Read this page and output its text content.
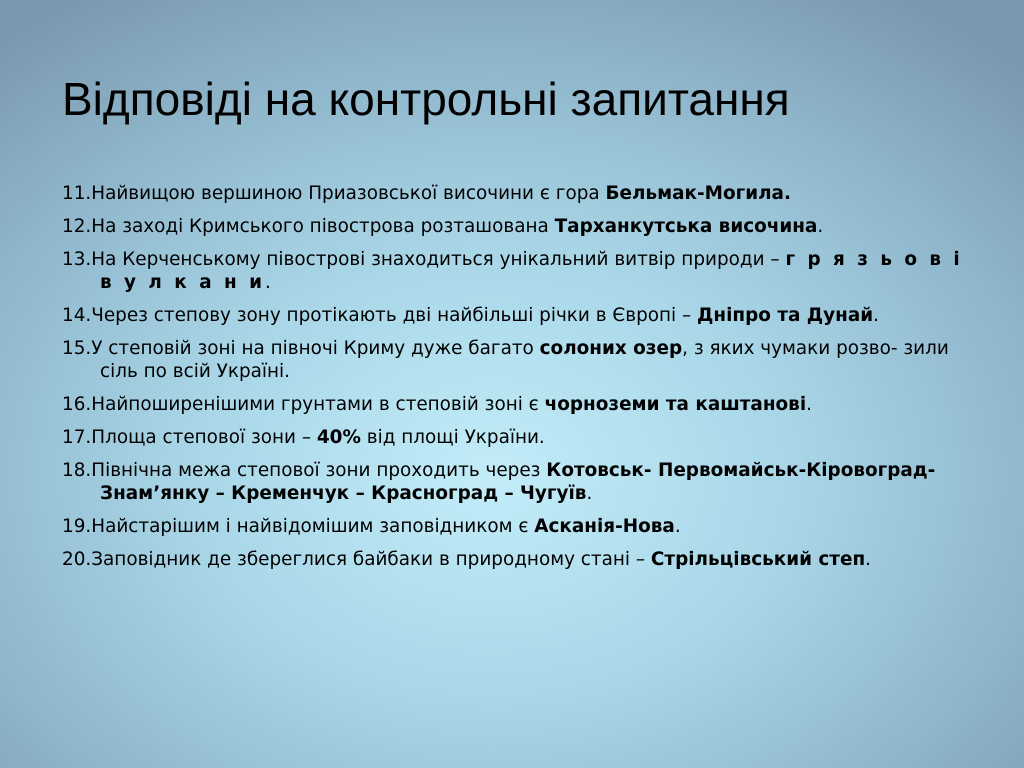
Відповіді на контрольні запитання
11.Найвищою вершиною Приазовської височини є гора Бельмак-Могила.
12.На заході Кримського півострова розташована Тарханкутська височина.
13.На Керченському півострові знаходиться унікальний витвір природи – г р я з ь о в і в у л к а н и.
14.Через степову зону протікають дві найбільші річки в Європі – Дніпро та Дунай.
15.У степовій зоні на півночі Криму дуже багато солоних озер, з яких чумаки розво- зили сіль по всій Україні.
16.Найпоширенішими грунтами в степовій зоні є чорноземи та каштанові.
17.Площа степової зони – 40% від площі України.
18.Північна межа степової зони проходить через Котовськ- Первомайськ-Кіровоград-Знам’янку – Кременчук – Красноград – Чугуїв.
19.Найстарішим і найвідомішим заповідником є Асканія-Нова.
20.Заповідник де збереглися байбаки в природному стані – Стрільцівський степ.
